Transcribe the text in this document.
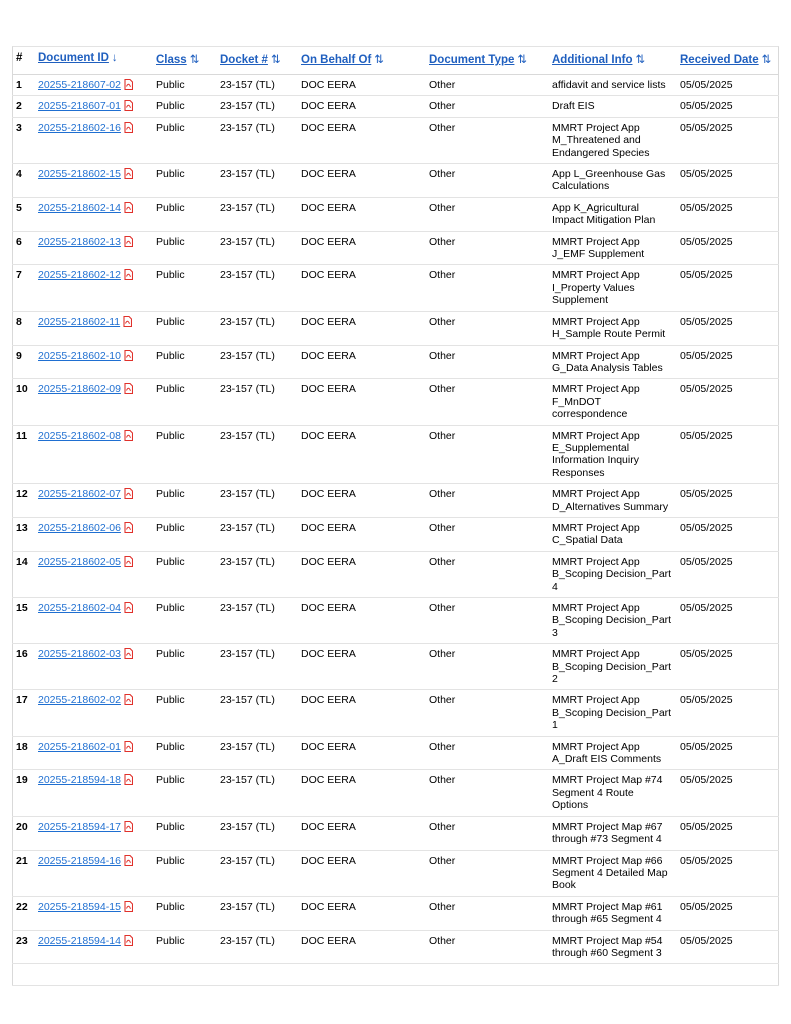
#	Document ID ↓	Class ⇅	Docket # ⇅	On Behalf Of ⇅	Document Type ⇅	Additional Info ⇅	Received Date ⇅
1	20255-218607-02	Public	23-157 (TL)	DOC EERA	Other	affidavit and service lists	05/05/2025
2	20255-218607-01	Public	23-157 (TL)	DOC EERA	Other	Draft EIS	05/05/2025
3	20255-218602-16	Public	23-157 (TL)	DOC EERA	Other	MMRT Project App M_Threatened and Endangered Species	05/05/2025
4	20255-218602-15	Public	23-157 (TL)	DOC EERA	Other	App L_Greenhouse Gas Calculations	05/05/2025
5	20255-218602-14	Public	23-157 (TL)	DOC EERA	Other	App K_Agricultural Impact Mitigation Plan	05/05/2025
6	20255-218602-13	Public	23-157 (TL)	DOC EERA	Other	MMRT Project App J_EMF Supplement	05/05/2025
7	20255-218602-12	Public	23-157 (TL)	DOC EERA	Other	MMRT Project App I_Property Values Supplement	05/05/2025
8	20255-218602-11	Public	23-157 (TL)	DOC EERA	Other	MMRT Project App H_Sample Route Permit	05/05/2025
9	20255-218602-10	Public	23-157 (TL)	DOC EERA	Other	MMRT Project App G_Data Analysis Tables	05/05/2025
10	20255-218602-09	Public	23-157 (TL)	DOC EERA	Other	MMRT Project App F_MnDOT correspondence	05/05/2025
11	20255-218602-08	Public	23-157 (TL)	DOC EERA	Other	MMRT Project App E_Supplemental Information Inquiry Responses	05/05/2025
12	20255-218602-07	Public	23-157 (TL)	DOC EERA	Other	MMRT Project App D_Alternatives Summary	05/05/2025
13	20255-218602-06	Public	23-157 (TL)	DOC EERA	Other	MMRT Project App C_Spatial Data	05/05/2025
14	20255-218602-05	Public	23-157 (TL)	DOC EERA	Other	MMRT Project App B_Scoping Decision_Part 4	05/05/2025
15	20255-218602-04	Public	23-157 (TL)	DOC EERA	Other	MMRT Project App B_Scoping Decision_Part 3	05/05/2025
16	20255-218602-03	Public	23-157 (TL)	DOC EERA	Other	MMRT Project App B_Scoping Decision_Part 2	05/05/2025
17	20255-218602-02	Public	23-157 (TL)	DOC EERA	Other	MMRT Project App B_Scoping Decision_Part 1	05/05/2025
18	20255-218602-01	Public	23-157 (TL)	DOC EERA	Other	MMRT Project App A_Draft EIS Comments	05/05/2025
19	20255-218594-18	Public	23-157 (TL)	DOC EERA	Other	MMRT Project Map #74 Segment 4 Route Options	05/05/2025
20	20255-218594-17	Public	23-157 (TL)	DOC EERA	Other	MMRT Project Map #67 through #73 Segment 4	05/05/2025
21	20255-218594-16	Public	23-157 (TL)	DOC EERA	Other	MMRT Project Map #66 Segment 4 Detailed Map Book	05/05/2025
22	20255-218594-15	Public	23-157 (TL)	DOC EERA	Other	MMRT Project Map #61 through #65 Segment 4	05/05/2025
23	20255-218594-14	Public	23-157 (TL)	DOC EERA	Other	MMRT Project Map #54 through #60 Segment 3	05/05/2025
